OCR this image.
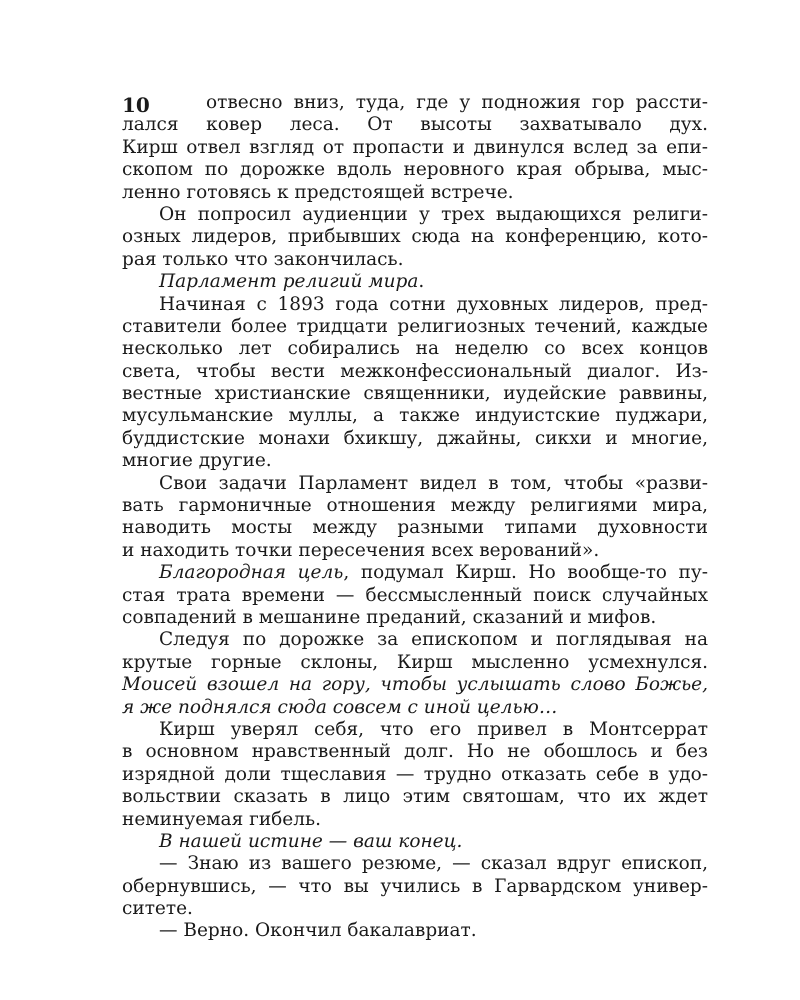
10	отвесно вниз, туда, где у подножия гор рассти-
лался ковер леса. От высоты захватывало дух.
Кирш отвел взгляд от пропасти и двинулся вслед за епи-
скопом по дорожке вдоль неровного края обрыва, мыс-
ленно готовясь к предстоящей встрече.
Он попросил аудиенции у трех выдающихся религи-
озных лидеров, прибывших сюда на конференцию, кото-
рая только что закончилась.
Парламент религий мира.
Начиная с 1893 года сотни духовных лидеров, пред-
ставители более тридцати религиозных течений, каждые
несколько лет собирались на неделю со всех концов
света, чтобы вести межконфессиональный диалог. Из-
вестные христианские священники, иудейские раввины,
мусульманские муллы, а также индуистские пуджари,
буддистские монахи бхикшу, джайны, сикхи и многие,
многие другие.
Свои задачи Парламент видел в том, чтобы «разви-
вать гармоничные отношения между религиями мира,
наводить мосты между разными типами духовности
и находить точки пересечения всех верований».
Благородная цель, подумал Кирш. Но вообще-то пу-
стая трата времени — бессмысленный поиск случайных
совпадений в мешанине преданий, сказаний и мифов.
Следуя по дорожке за епископом и поглядывая на
крутые горные склоны, Кирш мысленно усмехнулся.
Моисей взошел на гору, чтобы услышать слово Божье,
я же поднялся сюда совсем с иной целью…
Кирш уверял себя, что его привел в Монтсеррат
в основном нравственный долг. Но не обошлось и без
изрядной доли тщеславия — трудно отказать себе в удо-
вольствии сказать в лицо этим святошам, что их ждет
неминуемая гибель.
В нашей истине — ваш конец.
— Знаю из вашего резюме, — сказал вдруг епископ,
обернувшись, — что вы учились в Гарвардском универ-
ситете.
— Верно. Окончил бакалавриат.
